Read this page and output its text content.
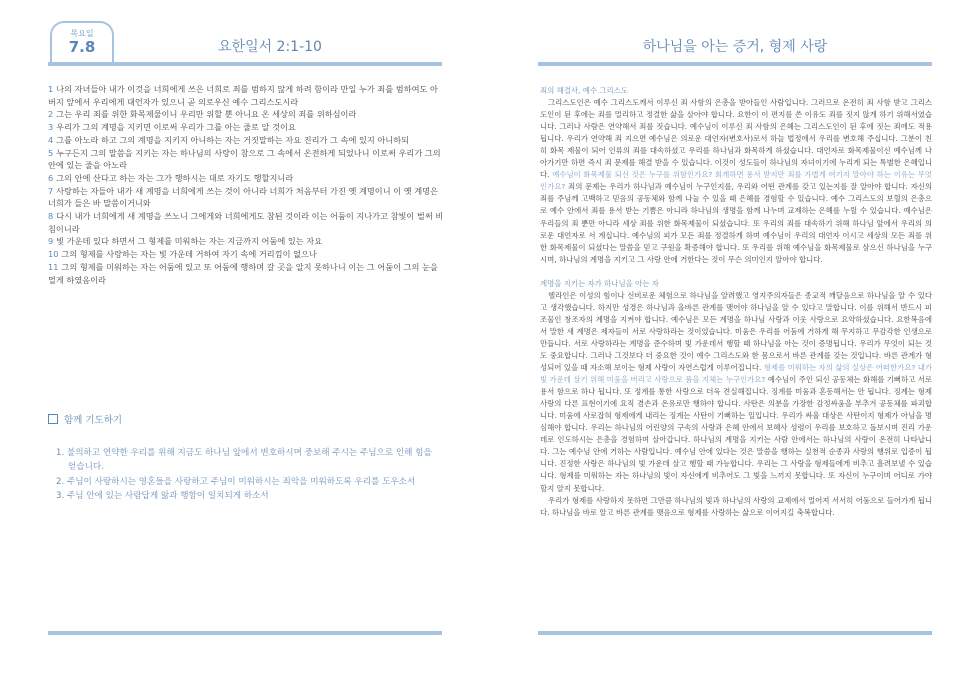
목요일
7.8	요한일서 2:1-10
1 나의 자녀들아 내가 이것을 너희에게 쓰은 너희로 죄를 범하지 않게 하려 함이라 만일 누가 죄를 범하여도 아버지 앞에서 우리에게 대언자가 있으니 곧 의로우신 예수 그리스도시라
2 그는 우리 죄를 위한 화목제물이니 우리만 위할 뿐 아니요 온 세상의 죄를 위하심이라
3 우리가 그의 계명을 지키면 이로써 우리가 그를 아는 줄로 알 것이요
4 그를 아노라 하고 그의 계명을 지키지 아니하는 자는 거짓말하는 자요 진리가 그 속에 있지 아니하되
5 누구든지 그의 말씀을 지키는 자는 하나님의 사랑이 참으로 그 속에서 온전하게 되었나니 이로써 우리가 그의 안에 있는 줄을 아노라
6 그의 안에 산다고 하는 자는 그가 행하시는 대로 자기도 행할지니라
7 사랑하는 자들아 내가 새 계명을 너희에게 쓰는 것이 아니라 너희가 처음부터 가진 옛 계명이니 이 옛 계명은 너희가 들은 바 말씀이거니와
8 다시 내가 너희에게 새 계명을 쓰노니 그에게와 너희에게도 참된 것이라 이는 어둠이 지나가고 참빛이 벌써 비침이니라
9 빛 가운데 있다 하면서 그 형제를 미워하는 자는 지금까지 어둠에 있는 자요
10 그의 형제를 사랑하는 자는 빛 가운데 거하여 자기 속에 거리낌이 없으나
11 그의 형제를 미워하는 자는 어둠에 있고 또 어둠에 행하며 갈 곳을 알지 못하나니 이는 그 어둠이 그의 눈을 멀게 하였음이라
함께 기도하기
1. 불의하고 연약한 우리를 위해 지금도 하나님 앞에서 변호하시며 중보해 주시는 주님으로 인해 힘을 얻습니다.
2. 주님이 사랑하시는 영혼들을 사랑하고 주님이 미워하시는 죄악을 미워하도록 우리를 도우소서
3. 주님 안에 있는 사람답게 앎과 행함이 일치되게 하소서
하나님을 아는 증거, 형제 사랑
죄의 해결사, 예수 그리스도
그리스도인은 예수 그리스도께서 이루신 죄 사함의 은총을 받아들인 사람입니다. 그러므로 온전히 죄 사함 받고 그리스도인이 된 후에는 죄를 멀리하고 정결한 삶을 살아야 합니다. 요한이 이 편지를 쓴 이유도 죄를 짓지 않게 하기 위해서였습니다. 그러나 사람은 연약해서 죄를 짓습니다. 예수님이 이루신 죄 사함의 은혜는 그리스도인이 된 후에 짓는 죄에도 적용됩니다. 우리가 연약해 죄 지으면 예수님은 의로운 대언자(변호사)로서 하늘 법정에서 우리를 변호해 주십니다. 그분이 친히 화목 제물이 되어 인류의 죄를 대속하셨고 우리를 하나님과 화목하게 하셨습니다. 대언자로 화목제물이신 예수님께 나아가기만 하면 즉시 죄 문제를 해결 받을 수 있습니다. 이것이 성도들이 하나님의 자녀이기에 누리게 되는 특별한 은혜입니다. 예수님이 화목제물 되신 것은 누구를 위함인가요? 회개하면 용서 받지만 죄를 가볍게 여기지 말아야 하는 이유는 무엇인가요? 죄의 문제는 우리가 하나님과 예수님이 누구인지를, 우리와 어떤 관계를 갖고 있는지를 잘 알아야 합니다. 자신의 죄를 주님께 고백하고 믿음의 공동체와 함께 나눌 수 있을 때 은혜를 경험할 수 있습니다. 예수 그리스도의 보혈의 은총으로 예수 안에서 죄를 용서 받는 기쁨은 아니라 하나님의 생명을 함께 나누며 교제하는 은혜를 누릴 수 있습니다. 예수님은 우리들의 죄 뿐만 아니라 세상 죄를 위한 화목제물이 되셨습니다. 또 우리의 죄를 대속하기 위해 하나님 앞에서 우리의 의로운 대언자로 서 계십니다. 예수님의 피가 모든 죄를 정결하게 하며 예수님이 우리의 대언자 이시고 세상의 모든 죄를 위한 화목제물이 되셨다는 말씀을 믿고 구원을 확증해야 합니다. 또 우리를 위해 예수님을 화목제물로 삼으신 하나님을 누구시며, 하나님의 계명을 지키고 그 사랑 안에 거한다는 것이 무슨 의미인지 알아야 합니다.
계명을 지키는 자가 하나님을 아는 자
헬라인은 이성의 힘이나 신비로운 체험으로 하나님을 알려했고 영지주의자들은 종교적 깨달음으로 하나님을 알 수 있다고 생각했습니다. 하지만 성경은 하나님과 올바른 관계를 맺어야 하나님을 알 수 있다고 말합니다. 이를 위해서 반드시 피조물인 창조자의 계명을 지켜야 합니다. 예수님은 모든 계명을 하나님 사랑과 이웃 사랑으로 요약하셨습니다. 요한복음에서 말한 새 계명은 제자들이 서로 사랑하라는 것이었습니다. 미움은 우리를 어둠에 거하게 해 무지하고 무감각한 인생으로 만듭니다. 서로 사랑하라는 계명을 준수하며 빛 가운데서 행할 때 하나님을 아는 것이 증명됩니다. 우리가 무엇이 되는 것도 중요합니다. 그러나 그것보다 더 중요한 것이 예수 그리스도와 한 몸으로서 바른 관계를 갖는 것입니다. 바른 관계가 형성되어 있을 때 자소해 보이는 형제 사랑이 자연스럽게 이루어집니다. 형제를 미워하는 자의 삶의 실상은 어떠한가요? 내가 빛 가운데 살기 위해 미움을 버리고 사랑으로 품을 지체는 누구인가요? 예수님이 주인 되신 공동체는 화해를 기뻐하고 서로 용서 함으로 하나 됩니다. 또 정계를 통한 사랑으로 더욱 견실해집니다. 징계를 미움과 혼동해서는 안 됩니다. 징계는 형제 사랑의 다른 표현이기에 요직 겸손과 온유로만 행하야 합니다. 사탄은 의분을 가장한 감정싸움을 부추겨 공동체를 파괴합니다. 미움에 사로잡혀 형제에게 내리는 징계는 사탄이 기뻐하는 일입니다. 우리가 싸울 대상은 사탄이지 형제가 아님을 명심해야 합니다. 우리는 하나님의 어린양의 구속의 사랑과 은혜 안에서 보혜사 성령이 우리를 보호하고 돌보시며 진리 가운데로 인도하시는 은총을 경험하며 살아갑니다. 하나님의 계명을 지키는 사람 안에서는 하나님의 사랑이 온전히 나타납니다. 그는 예수님 안에 거하는 사람입니다. 예수님 안에 있다는 것은 말씀을 행하는 실천적 순종과 사랑의 행위로 입증이 됩니다. 진정한 사랑은 하나님의 빛 가운데 살고 행할 때 가능합니다. 우리는 그 사랑을 형제들에게 비추고 흘려보낼 수 있습니다. 형제를 미워하는 자는 하나님의 빛이 자신에게 비추어도 그 빛을 느끼지 못합니다. 또 자신이 누구이며 어디로 가야 할지 알지 못합니다.
우리가 형제를 사랑하지 못하면 그만큼 하나님의 빛과 하나님의 사랑의 교제에서 멀어져 서서히 어둠으로 들어가게 됩니다. 하나님을 바로 알고 바른 관계를 맺음으로 형제를 사랑하는 삶으로 이어지길 축복합니다.
